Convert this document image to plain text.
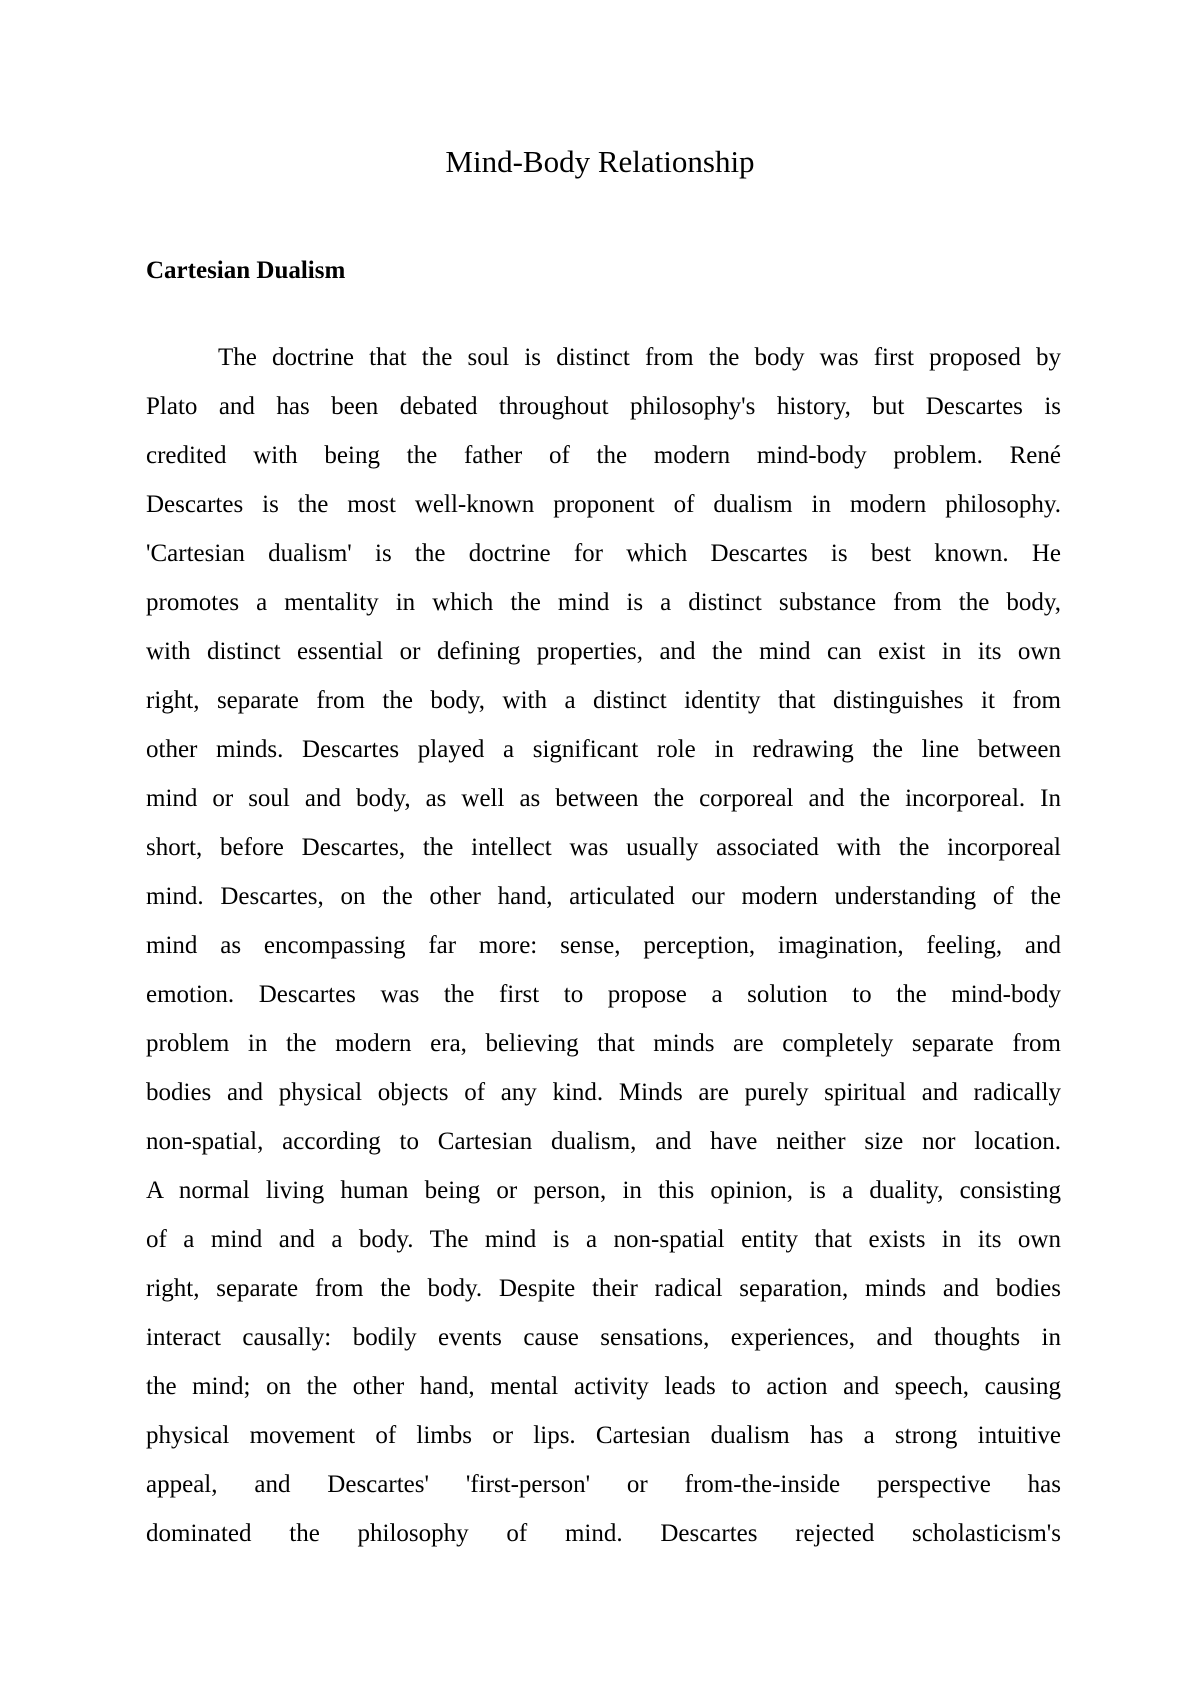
Mind-Body Relationship
Cartesian Dualism
The doctrine that the soul is distinct from the body was first proposed by
Plato and has been debated throughout philosophy's history, but Descartes is
credited with being the father of the modern mind-body problem. René
Descartes is the most well-known proponent of dualism in modern philosophy.
'Cartesian dualism' is the doctrine for which Descartes is best known. He
promotes a mentality in which the mind is a distinct substance from the body,
with distinct essential or defining properties, and the mind can exist in its own
right, separate from the body, with a distinct identity that distinguishes it from
other minds. Descartes played a significant role in redrawing the line between
mind or soul and body, as well as between the corporeal and the incorporeal. In
short, before Descartes, the intellect was usually associated with the incorporeal
mind. Descartes, on the other hand, articulated our modern understanding of the
mind as encompassing far more: sense, perception, imagination, feeling, and
emotion. Descartes was the first to propose a solution to the mind-body
problem in the modern era, believing that minds are completely separate from
bodies and physical objects of any kind. Minds are purely spiritual and radically
non-spatial, according to Cartesian dualism, and have neither size nor location.
A normal living human being or person, in this opinion, is a duality, consisting
of a mind and a body. The mind is a non-spatial entity that exists in its own
right, separate from the body. Despite their radical separation, minds and bodies
interact causally: bodily events cause sensations, experiences, and thoughts in
the mind; on the other hand, mental activity leads to action and speech, causing
physical movement of limbs or lips. Cartesian dualism has a strong intuitive
appeal, and Descartes' 'first-person' or from-the-inside perspective has
dominated the philosophy of mind. Descartes rejected scholasticism's
